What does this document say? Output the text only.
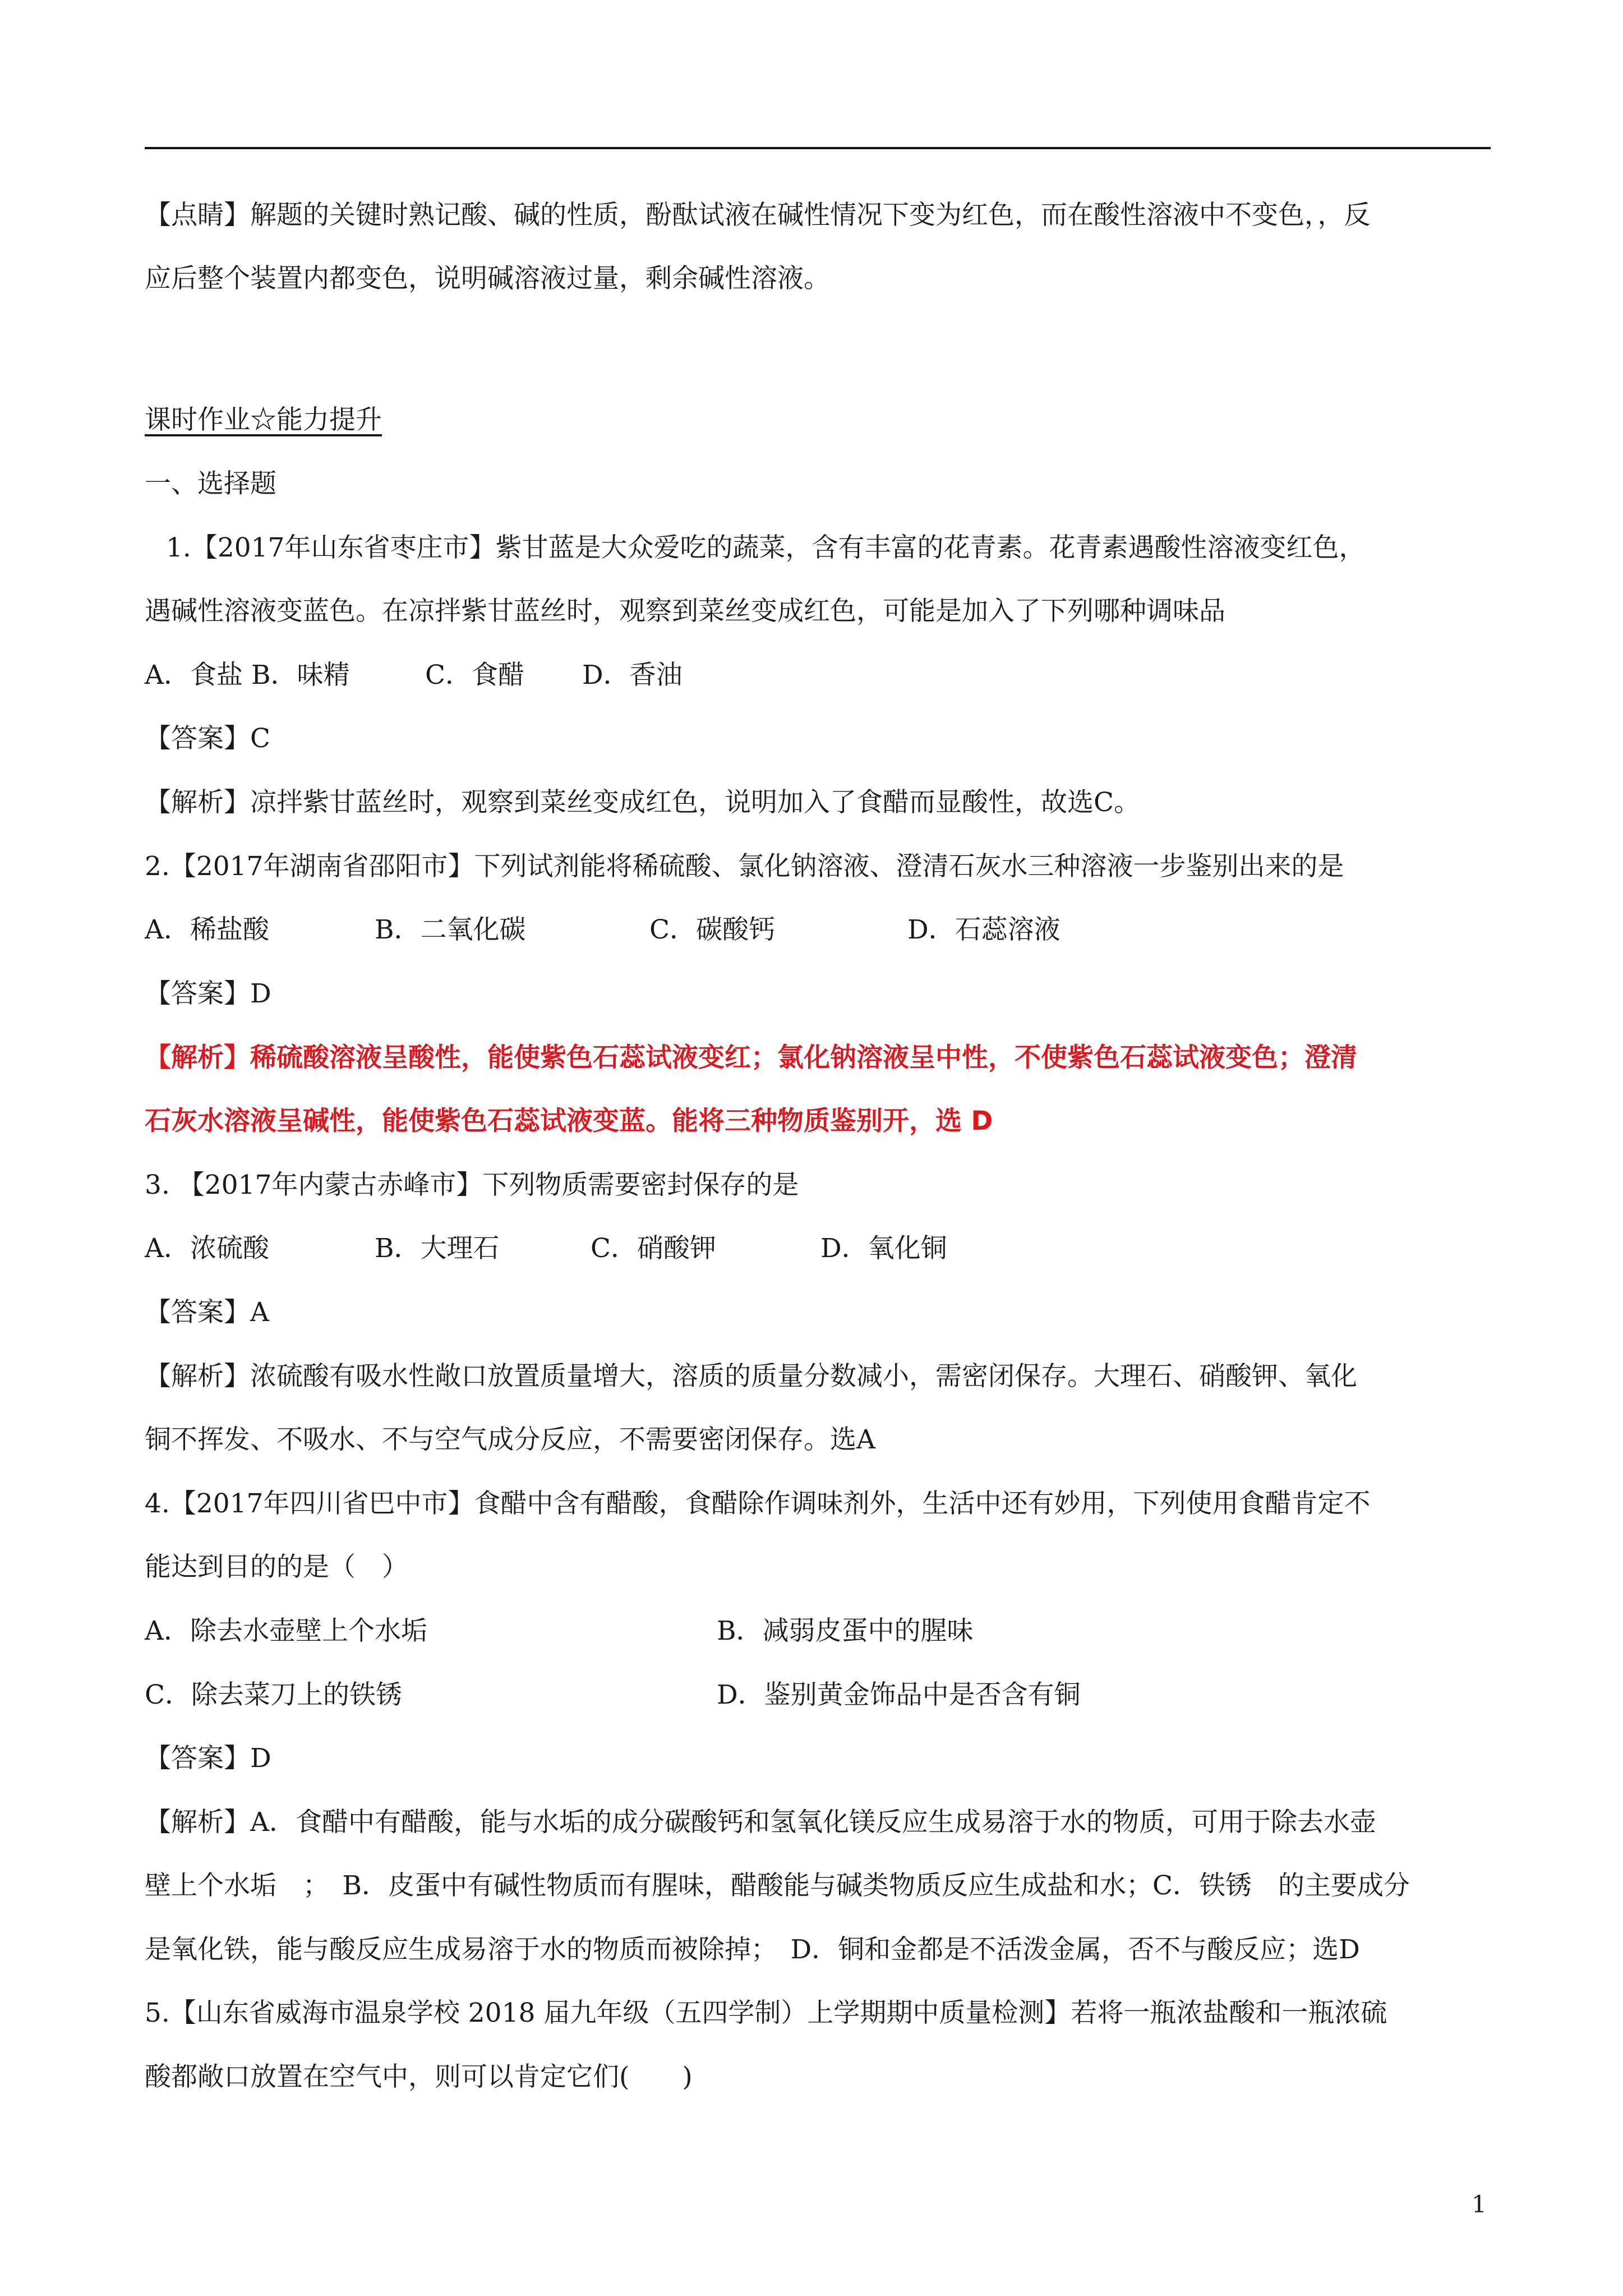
【点睛】解题的关键时熟记酸、碱的性质，酚酞试液在碱性情况下变为红色，而在酸性溶液中不变色，，反

应后整个装置内都变色，说明碱溶液过量，剩余碱性溶液。

课时作业☆能力提升

一、选择题

1.【2017年山东省枣庄市】紫甘蓝是大众爱吃的蔬菜，含有丰富的花青素。花青素遇酸性溶液变红色，

遇碱性溶液变蓝色。在凉拌紫甘蓝丝时，观察到菜丝变成红色，可能是加入了下列哪种调味品

A．食盐 B．味精	C．食醋 D．香油

【答案】C

【解析】凉拌紫甘蓝丝时，观察到菜丝变成红色，说明加入了食醋而显酸性，故选C。

2.【2017年湖南省邵阳市】下列试剂能将稀硫酸、氯化钠溶液、澄清石灰水三种溶液一步鉴别出来的是

A．稀盐酸	B．二氧化碳	C．碳酸钙	D．石蕊溶液

【答案】D

【解析】稀硫酸溶液呈酸性，能使紫色石蕊试液变红；氯化钠溶液呈中性，不使紫色石蕊试液变色；澄清

石灰水溶液呈碱性，能使紫色石蕊试液变蓝。能将三种物质鉴别开，选 D

3. 【2017年内蒙古赤峰市】下列物质需要密封保存的是

A．浓硫酸	B．大理石	C．硝酸钾	D．氧化铜

【答案】A

【解析】浓硫酸有吸水性敞口放置质量增大，溶质的质量分数减小，需密闭保存。大理石、硝酸钾、氧化

铜不挥发、不吸水、不与空气成分反应，不需要密闭保存。选A

4.【2017年四川省巴中市】食醋中含有醋酸，食醋除作调味剂外，生活中还有妙用，下列使用食醋肯定不

能达到目的的是（　）

A．除去水壶壁上个水垢	B．减弱皮蛋中的腥味

C．除去菜刀上的铁锈	D．鉴别黄金饰品中是否含有铜

【答案】D

【解析】A．食醋中有醋酸，能与水垢的成分碳酸钙和氢氧化镁反应生成易溶于水的物质，可用于除去水壶

壁上个水垢　；　B．皮蛋中有碱性物质而有腥味，醋酸能与碱类物质反应生成盐和水；C．铁锈　的主要成分

是氧化铁，能与酸反应生成易溶于水的物质而被除掉；　D．铜和金都是不活泼金属，否不与酸反应；选D

5.【山东省威海市温泉学校 2018 届九年级（五四学制）上学期期中质量检测】若将一瓶浓盐酸和一瓶浓硫

酸都敞口放置在空气中，则可以肯定它们(　　)

1
